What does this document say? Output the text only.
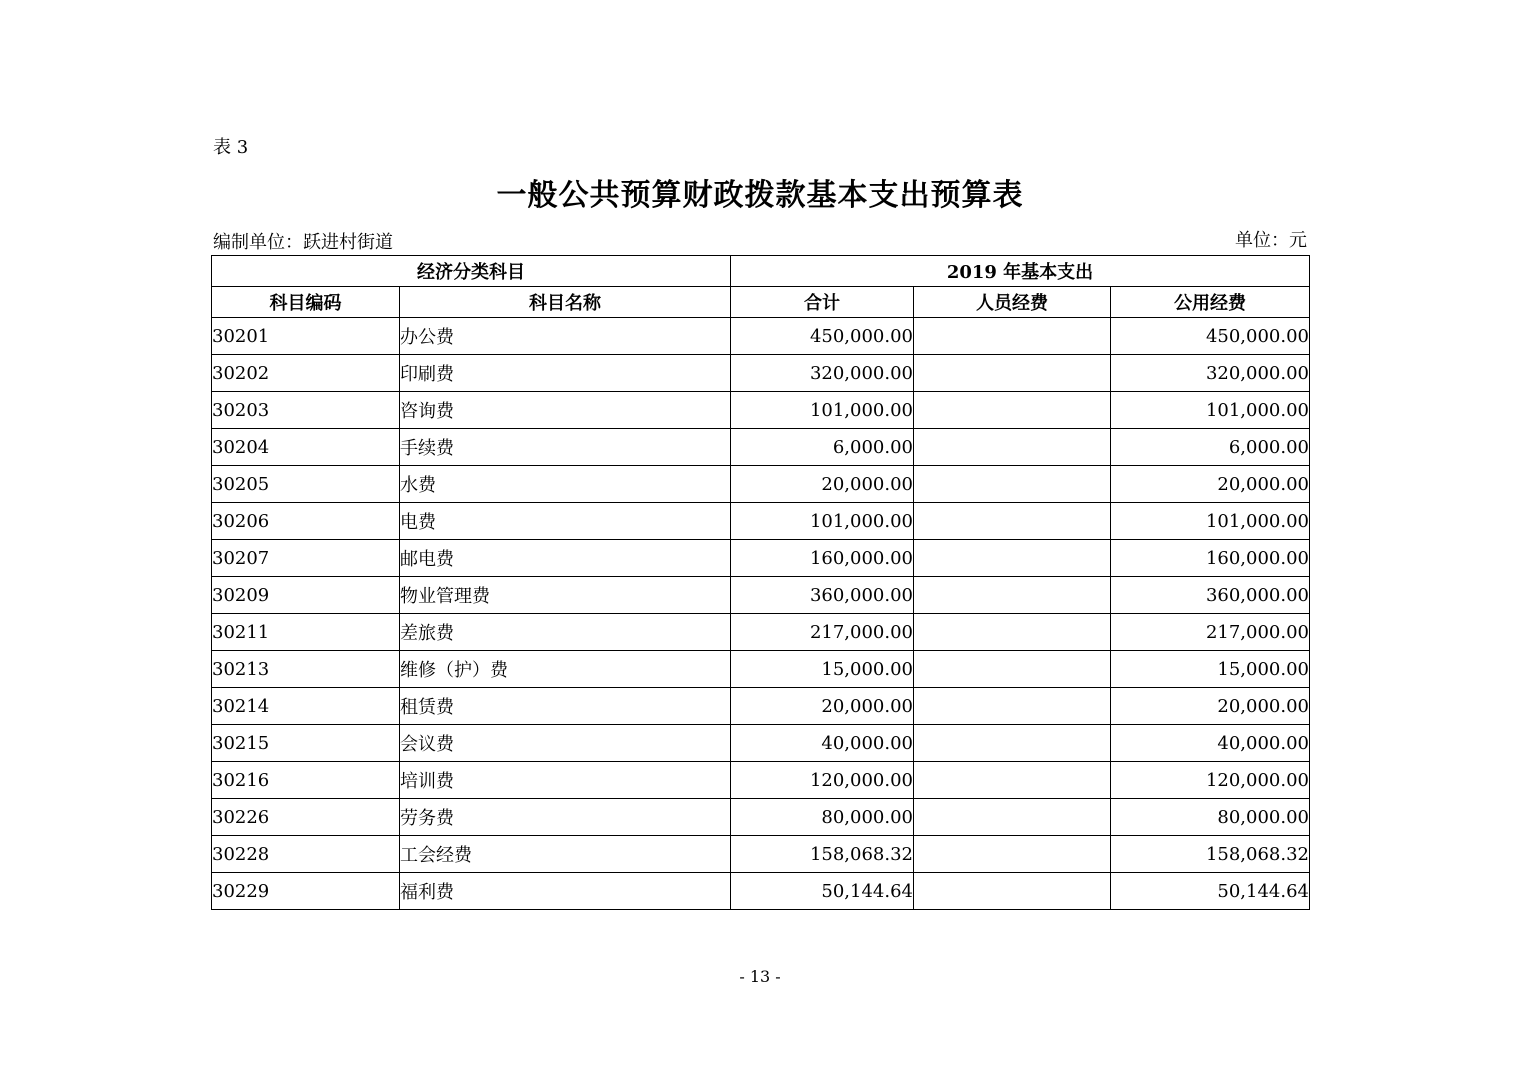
表 3
一般公共预算财政拨款基本支出预算表
编制单位：跃进村街道	单位：元
经济分类科目		2019 年基本支出		
科目编码	科目名称	合计	人员经费	公用经费
30201	办公费	450,000.00		450,000.00
30202	印刷费	320,000.00		320,000.00
30203	咨询费	101,000.00		101,000.00
30204	手续费	6,000.00		6,000.00
30205	水费	20,000.00		20,000.00
30206	电费	101,000.00		101,000.00
30207	邮电费	160,000.00		160,000.00
30209	物业管理费	360,000.00		360,000.00
30211	差旅费	217,000.00		217,000.00
30213	维修（护）费	15,000.00		15,000.00
30214	租赁费	20,000.00		20,000.00
30215	会议费	40,000.00		40,000.00
30216	培训费	120,000.00		120,000.00
30226	劳务费	80,000.00		80,000.00
30228	工会经费	158,068.32		158,068.32
30229	福利费	50,144.64		50,144.64
- 13 -
